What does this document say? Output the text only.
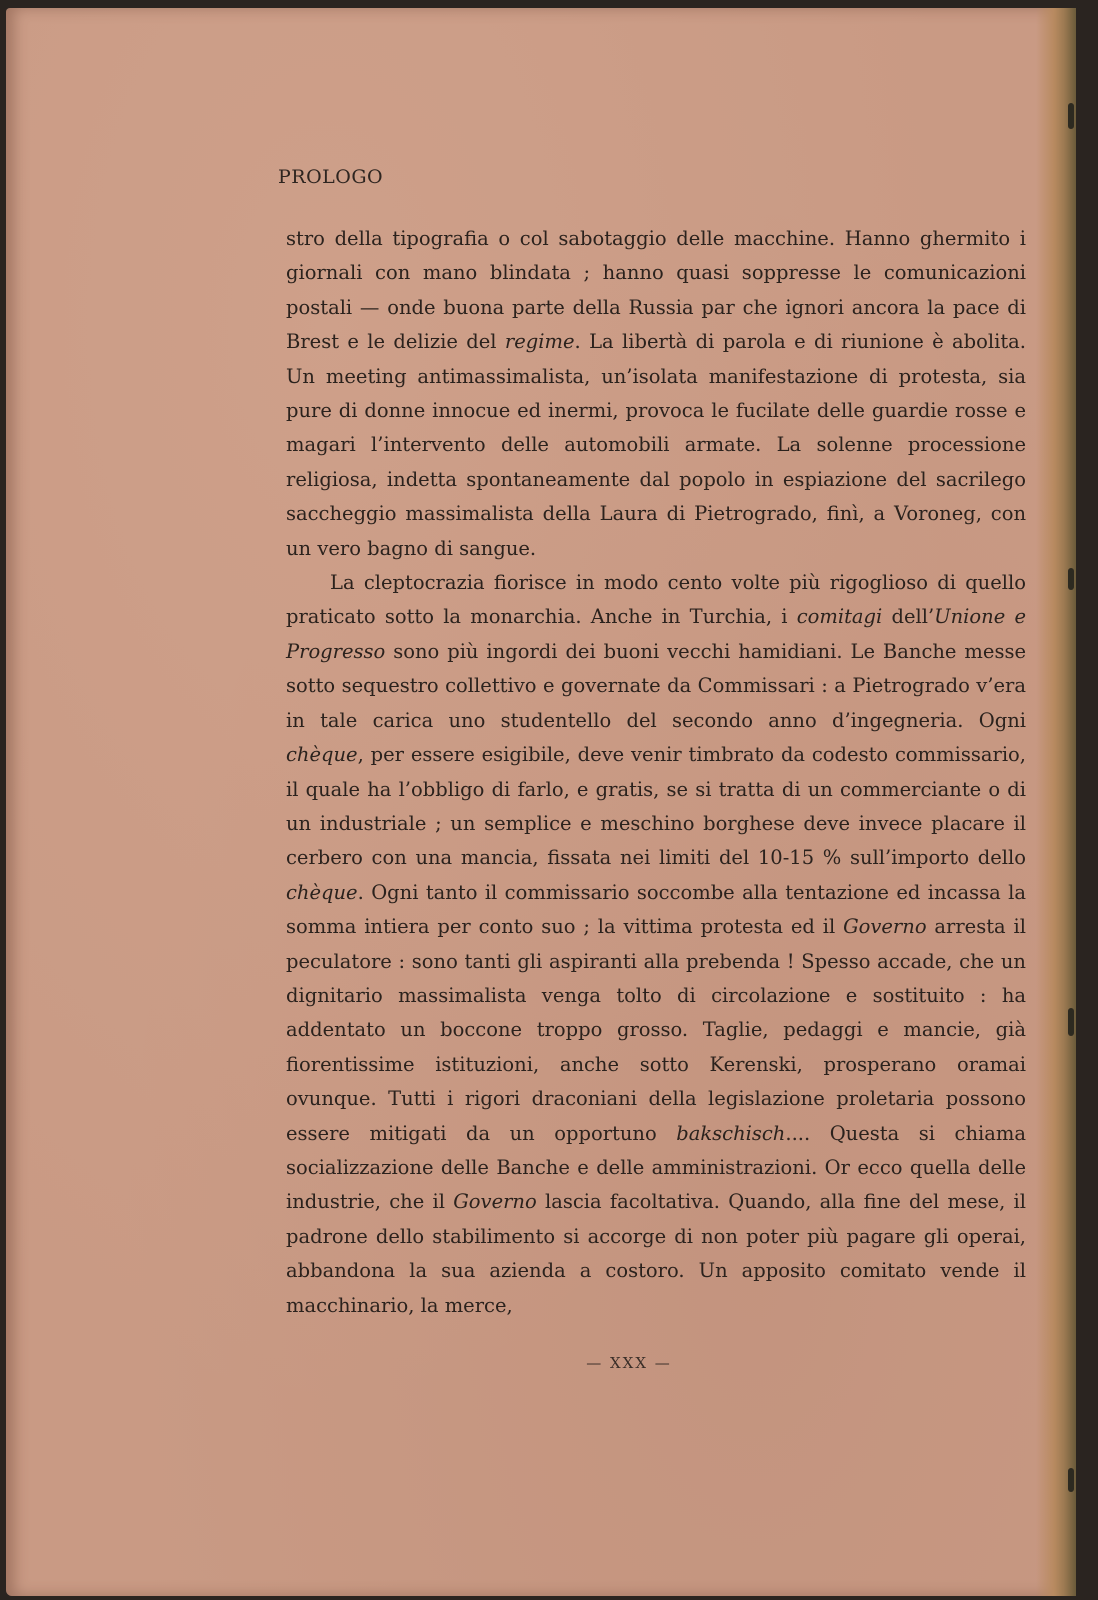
PROLOGO

stro della tipografia o col sabotaggio delle macchine. Hanno ghermito i giornali con mano blindata ; hanno quasi soppresse le comunicazioni postali — onde buona parte della Russia par che ignori ancora la pace di Brest e le delizie del regime. La libertà di parola e di riunione è abolita. Un meeting antimassimalista, un’isolata manifestazione di protesta, sia pure di donne innocue ed inermi, provoca le fucilate delle guardie rosse e magari l’intervento delle automobili armate. La solenne processione religiosa, indetta spontaneamente dal popolo in espiazione del sacrilego saccheggio massimalista della Laura di Pietrogrado, finì, a Voroneg, con un vero bagno di sangue.

La cleptocrazia fiorisce in modo cento volte più rigoglioso di quello praticato sotto la monarchia. Anche in Turchia, i comitagi dell’Unione e Progresso sono più ingordi dei buoni vecchi hamidiani. Le Banche messe sotto sequestro collettivo e governate da Commissari : a Pietrogrado v’era in tale carica uno studentello del secondo anno d’ingegneria. Ogni chèque, per essere esigibile, deve venir timbrato da codesto commissario, il quale ha l’obbligo di farlo, e gratis, se si tratta di un commerciante o di un industriale ; un semplice e meschino borghese deve invece placare il cerbero con una mancia, fissata nei limiti del 10-15 % sull’importo dello chèque. Ogni tanto il commissario soccombe alla tentazione ed incassa la somma intiera per conto suo ; la vittima protesta ed il Governo arresta il peculatore : sono tanti gli aspiranti alla prebenda ! Spesso accade, che un dignitario massimalista venga tolto di circolazione e sostituito : ha addentato un boccone troppo grosso. Taglie, pedaggi e mancie, già fiorentissime istituzioni, anche sotto Kerenski, prosperano oramai ovunque. Tutti i rigori draconiani della legislazione proletaria possono essere mitigati da un opportuno bakschisch.... Questa si chiama socializzazione delle Banche e delle amministrazioni. Or ecco quella delle industrie, che il Governo lascia facoltativa. Quando, alla fine del mese, il padrone dello stabilimento si accorge di non poter più pagare gli operai, abbandona la sua azienda a costoro. Un apposito comitato vende il macchinario, la merce,

— XXX —
